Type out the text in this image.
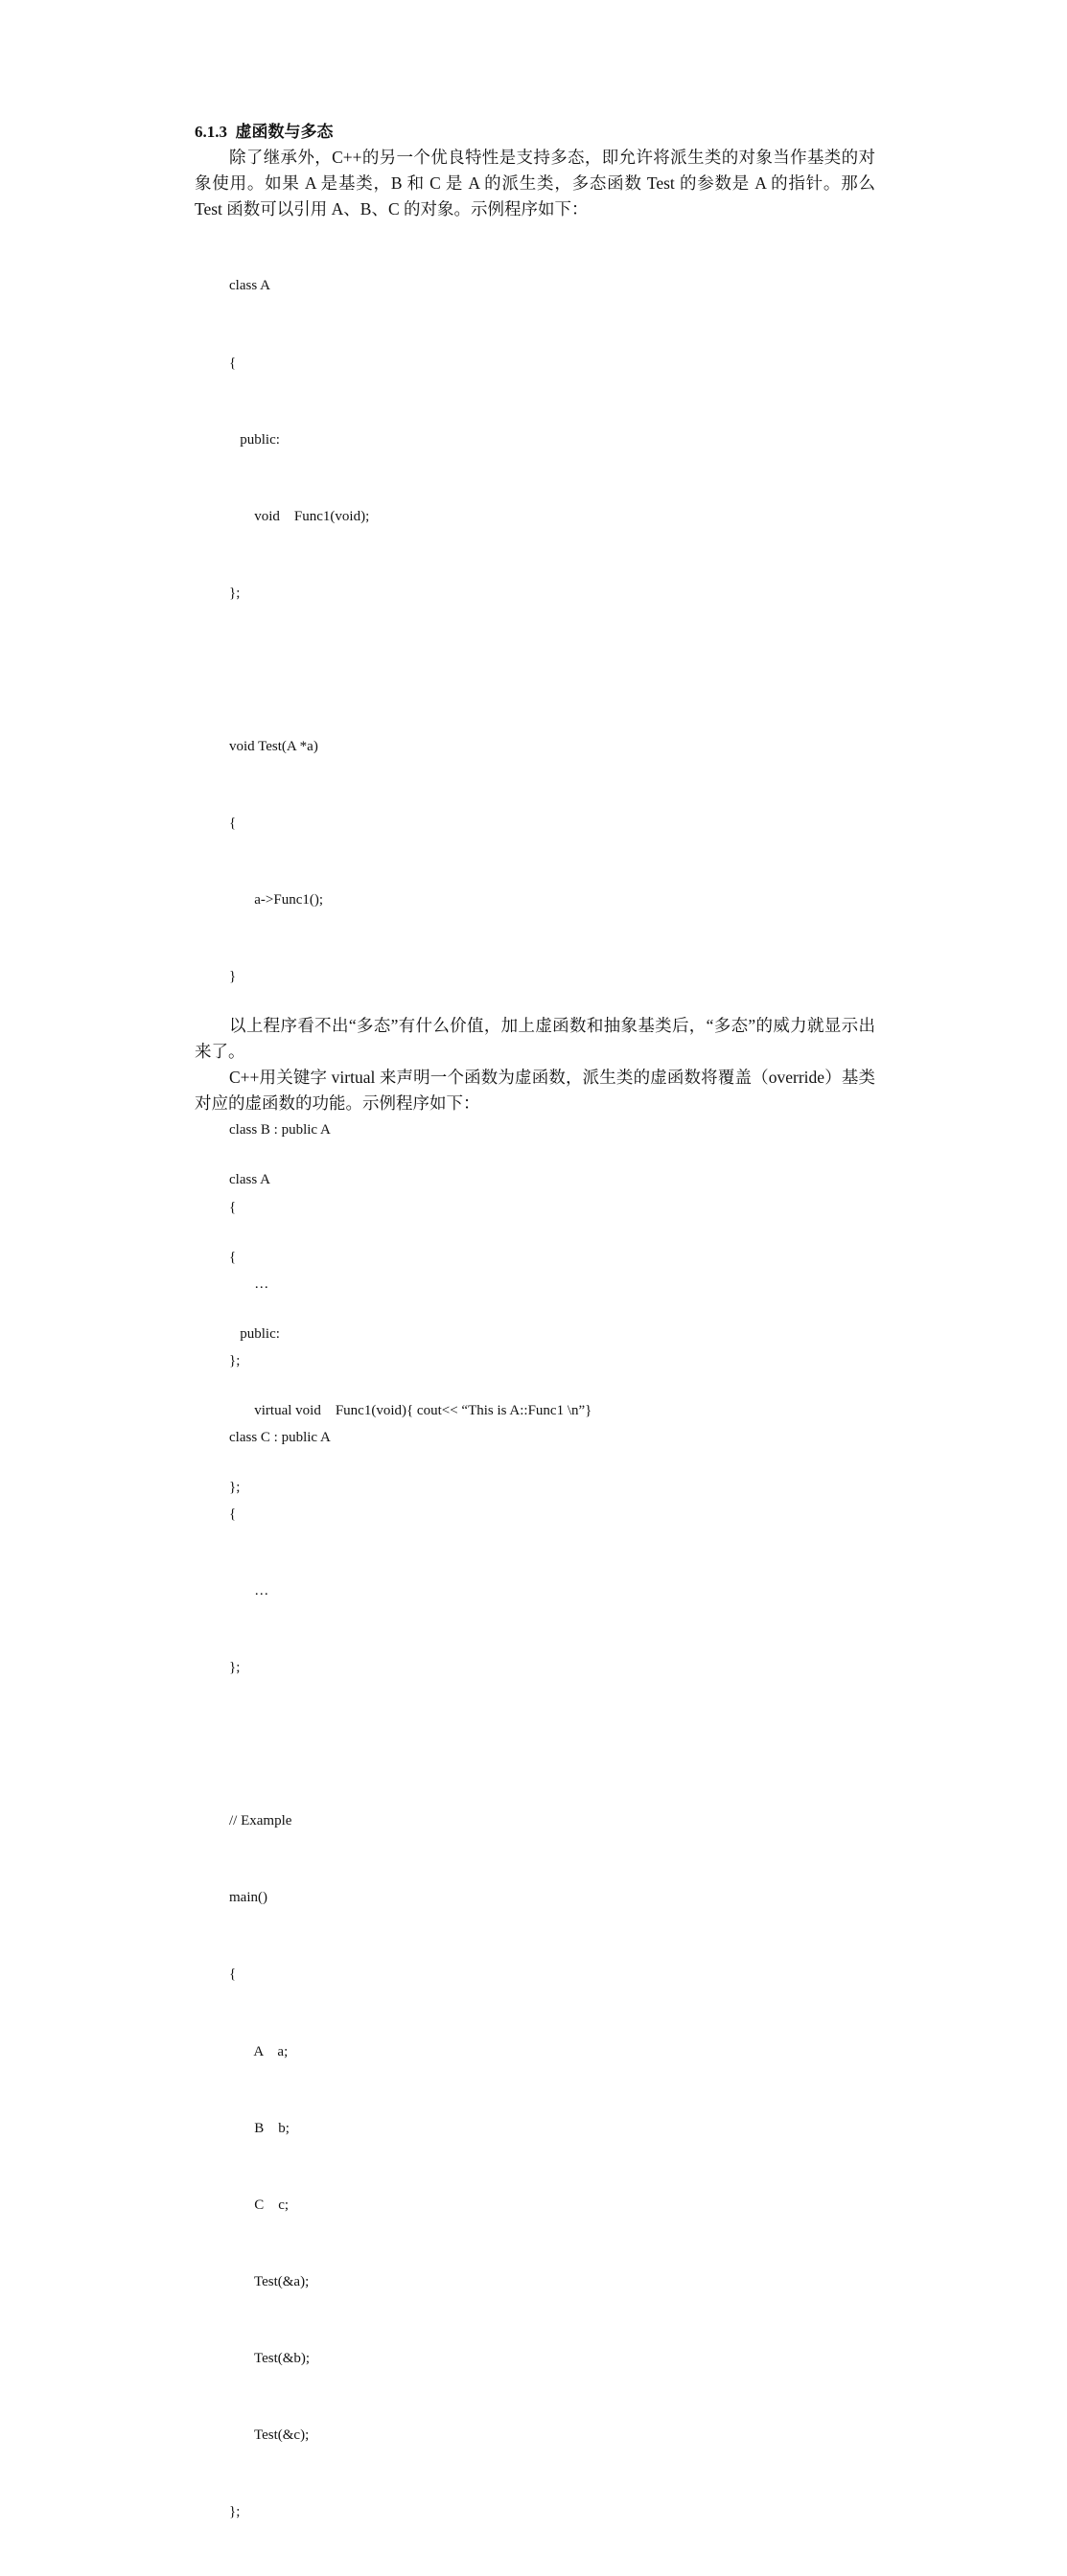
6.1.3  虚函数与多态

除了继承外，C++的另一个优良特性是支持多态，即允许将派生类的对象当作基类的对象使用。如果 A 是基类，B 和 C 是 A 的派生类，多态函数 Test 的参数是 A 的指针。那么 Test 函数可以引用 A、B、C 的对象。示例程序如下：

class A

{

public:

void    Func1(void);

};

void Test(A *a)

{

a->Func1();

}

class B : public A

{

…

};

class C : public A

{

…

};

// Example

main()

{

A    a;

B    b;

C    c;

Test(&a);

Test(&b);

Test(&c);

};

以上程序看不出“多态”有什么价值，加上虚函数和抽象基类后，“多态”的威力就显示出来了。

C++用关键字 virtual 来声明一个函数为虚函数，派生类的虚函数将覆盖（override）基类对应的虚函数的功能。示例程序如下：

class A

{

public:

virtual void    Func1(void){ cout<< “This is A::Func1 \n”}

};
